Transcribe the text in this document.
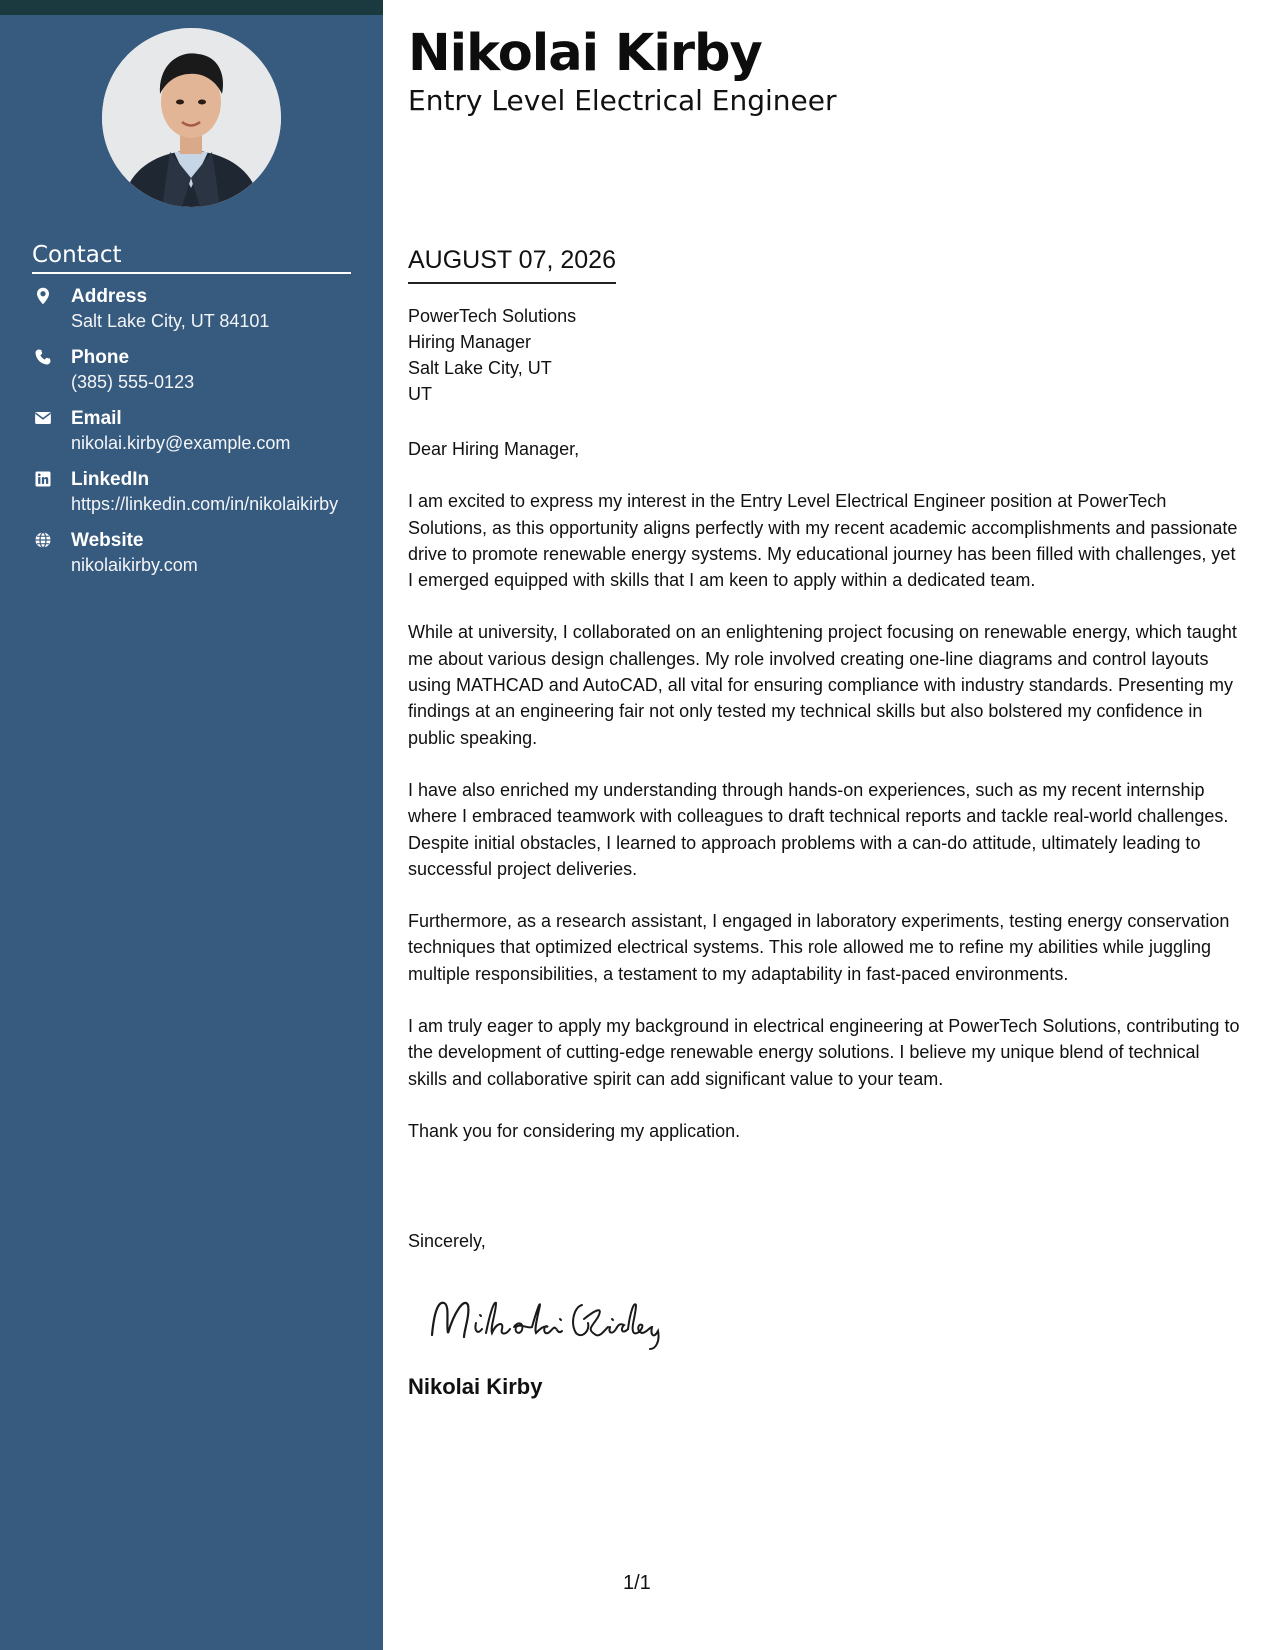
Contact
Address
Salt Lake City, UT 84101
Phone
(385) 555-0123
Email
nikolai.kirby@example.com
LinkedIn
https://linkedin.com/in/nikolaikirby
Website
nikolaikirby.com
Nikolai Kirby
Entry Level Electrical Engineer
AUGUST 07, 2026
PowerTech Solutions
Hiring Manager
Salt Lake City, UT
UT

Dear Hiring Manager,

I am excited to express my interest in the Entry Level Electrical Engineer position at PowerTech Solutions, as this opportunity aligns perfectly with my recent academic accomplishments and passionate drive to promote renewable energy systems. My educational journey has been filled with challenges, yet I emerged equipped with skills that I am keen to apply within a dedicated team.

While at university, I collaborated on an enlightening project focusing on renewable energy, which taught me about various design challenges. My role involved creating one-line diagrams and control layouts using MATHCAD and AutoCAD, all vital for ensuring compliance with industry standards. Presenting my findings at an engineering fair not only tested my technical skills but also bolstered my confidence in public speaking.

I have also enriched my understanding through hands-on experiences, such as my recent internship where I embraced teamwork with colleagues to draft technical reports and tackle real-world challenges. Despite initial obstacles, I learned to approach problems with a can-do attitude, ultimately leading to successful project deliveries.

Furthermore, as a research assistant, I engaged in laboratory experiments, testing energy conservation techniques that optimized electrical systems. This role allowed me to refine my abilities while juggling multiple responsibilities, a testament to my adaptability in fast-paced environments.

I am truly eager to apply my background in electrical engineering at PowerTech Solutions, contributing to the development of cutting-edge renewable energy solutions. I believe my unique blend of technical skills and collaborative spirit can add significant value to your team.

Thank you for considering my application.

Sincerely,

Nikolai Kirby

1/1
